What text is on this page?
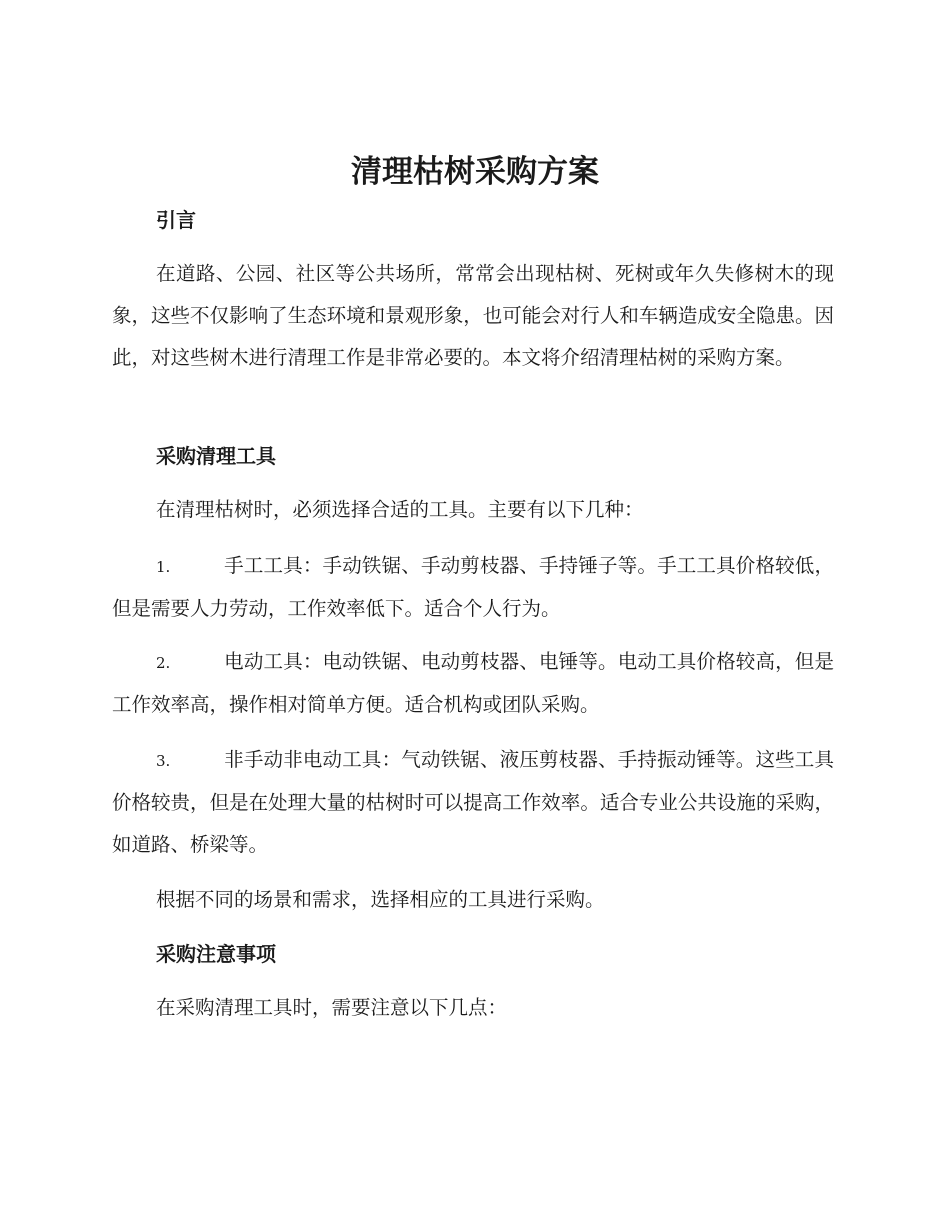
清理枯树采购方案
引言

在道路、公园、社区等公共场所，常常会出现枯树、死树或年久失修树木的现象，这些不仅影响了生态环境和景观形象，也可能会对行人和车辆造成安全隐患。因此，对这些树木进行清理工作是非常必要的。本文将介绍清理枯树的采购方案。

采购清理工具

在清理枯树时，必须选择合适的工具。主要有以下几种：

1.	手工工具：手动铁锯、手动剪枝器、手持锤子等。手工工具价格较低，但是需要人力劳动，工作效率低下。适合个人行为。

2.	电动工具：电动铁锯、电动剪枝器、电锤等。电动工具价格较高，但是工作效率高，操作相对简单方便。适合机构或团队采购。

3.	非手动非电动工具：气动铁锯、液压剪枝器、手持振动锤等。这些工具价格较贵，但是在处理大量的枯树时可以提高工作效率。适合专业公共设施的采购，如道路、桥梁等。

根据不同的场景和需求，选择相应的工具进行采购。

采购注意事项

在采购清理工具时，需要注意以下几点：
